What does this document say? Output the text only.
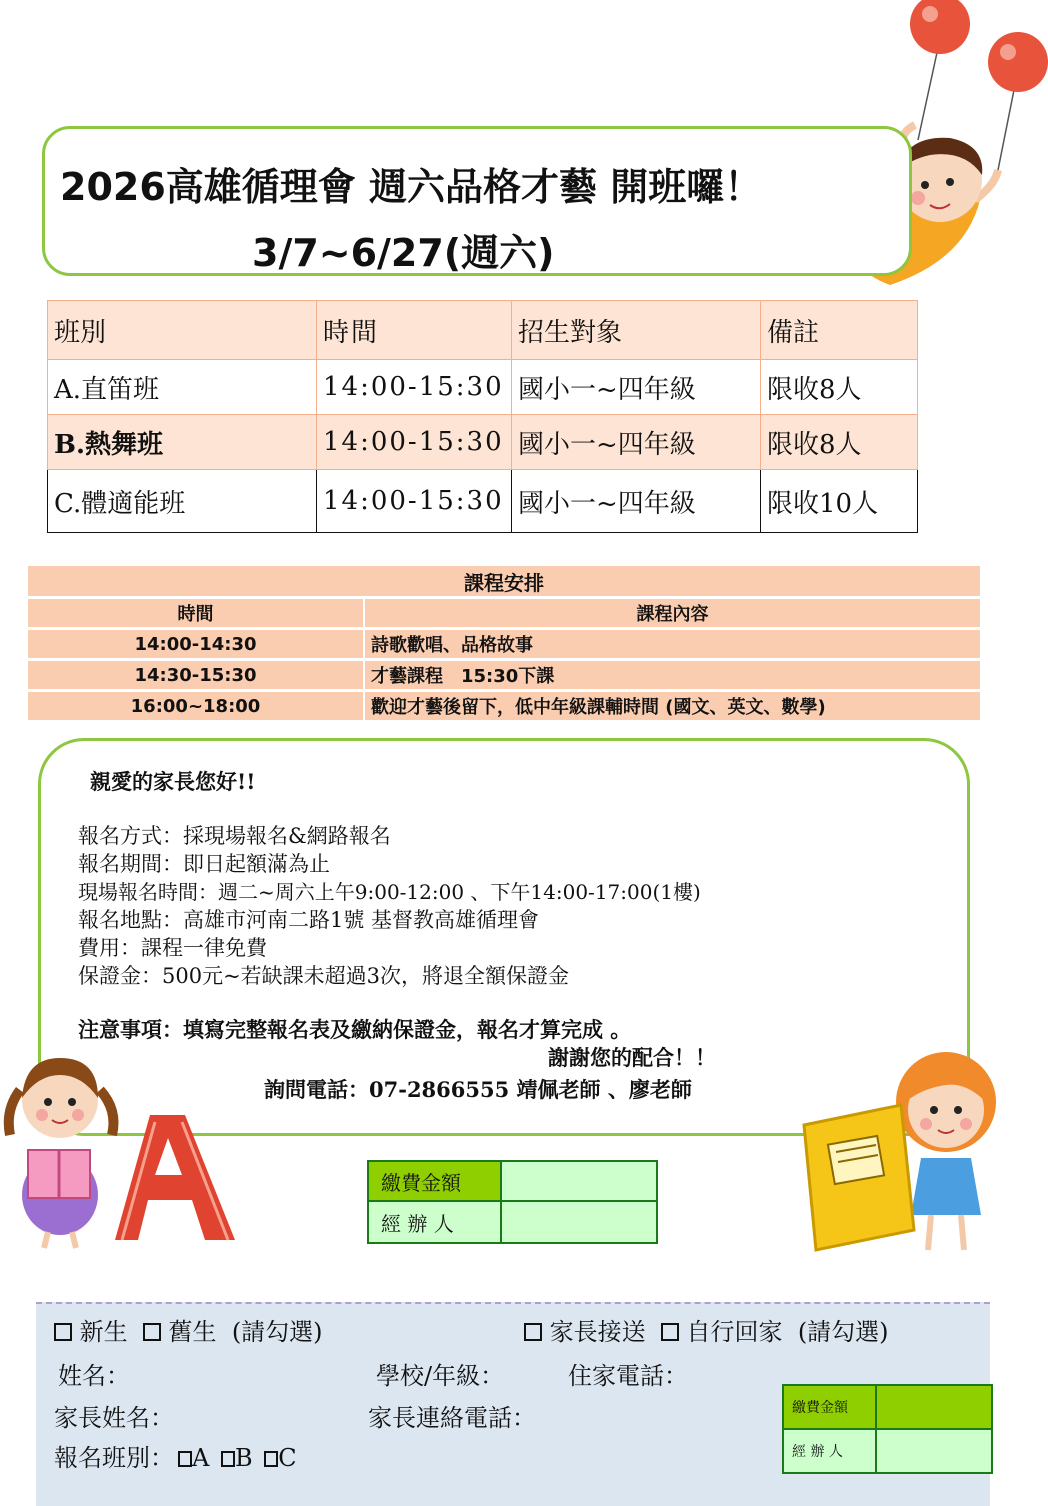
2026高雄循理會 週六品格才藝 開班囉！
3/7~6/27(週六)
班別	時間	招生對象	備註
A.直笛班	14:00-15:30	國小一~四年級	限收8人
B.熱舞班	14:00-15:30	國小一~四年級	限收8人
C.體適能班	14:00-15:30	國小一~四年級	限收10人
課程安排
時間	課程內容
14:00-14:30	詩歌歡唱、品格故事
14:30-15:30	才藝課程　15:30下課
16:00~18:00	歡迎才藝後留下，低中年級課輔時間 (國文、英文、數學)
親愛的家長您好!!
報名方式：採現場報名&網路報名
報名期間：即日起額滿為止
現場報名時間：週二~周六上午9:00-12:00 、下午14:00-17:00(1樓)
報名地點：高雄市河南二路1號 基督教高雄循理會
費用：課程一律免費
保證金：500元~若缺課未超過3次，將退全額保證金
注意事項：填寫完整報名表及繳納保證金，報名才算完成 。
謝謝您的配合！！
詢問電話：07-2866555 靖佩老師 、廖老師
繳費金額	
經 辦 人	
新生 舊生 (請勾選)	家長接送 自行回家 (請勾選)
姓名：	學校/年級：	住家電話：
家長姓名：	家長連絡電話：
報名班別： A B C
繳費金額	
經 辦 人	
